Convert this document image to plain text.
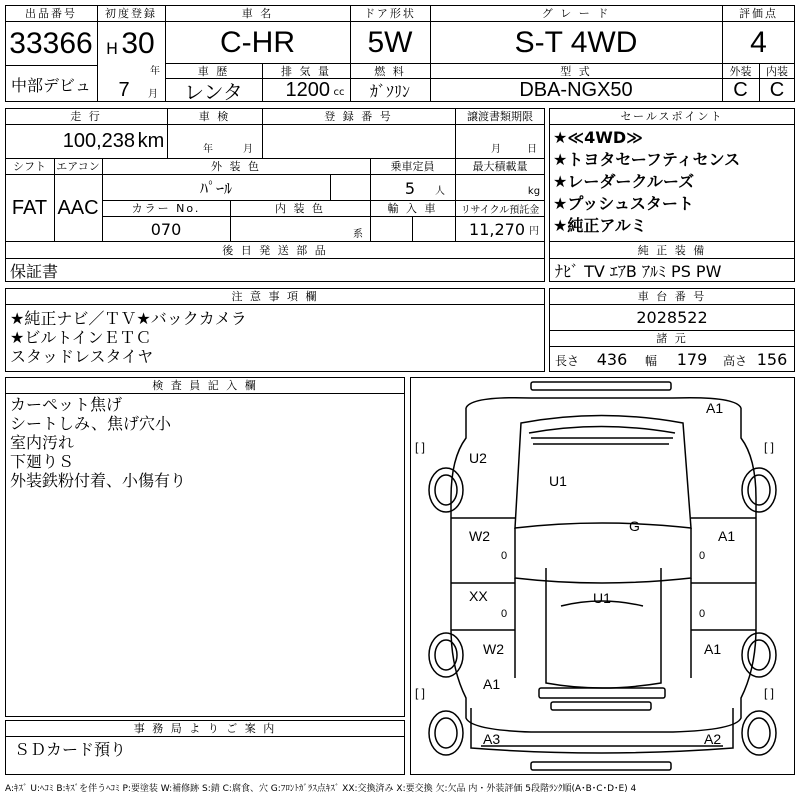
出品番号
33366
中部デビュ
初度登録
H 30
年
7	月
車 名
C-HR
ドア形状
5W
グ レ ー ド
S-T 4WD
評価点
4
車 歴
レンタ
排 気 量
1200 cc
燃 料
ｶﾞｿﾘﾝ
型 式
DBA-NGX50
外装
C
内装
C
走 行
100,238 km
車 検
年	月
登 録 番 号	譲渡書類期限
月	日
シフト
FAT
エアコン
AAC
外 装 色
ﾊﾟｰﾙ
乗車定員
5	人
最大積載量
kg
カラー No.
070
内 装 色
系
輸 入 車	リサイクル預託金
11,270 円
後 日 発 送 部 品
保証書
セールスポイント
★≪4WD≫
★トヨタセーフティセンス
★レーダークルーズ
★プッシュスタート
★純正アルミ
純 正 装 備
ﾅﾋﾞ TV ｴｱB ｱﾙﾐ PS PW
注 意 事 項 欄
★純正ナビ／ＴＶ★バックカメラ
★ビルトインＥＴＣ
スタッドレスタイヤ
車 台 番 号
2028522
諸 元
長さ 436	幅 179	高さ 156
検 査 員 記 入 欄
カーペット焦げ
シートしみ、焦げ穴小
室内汚れ
下廻りＳ
外装鉄粉付着、小傷有り
事 務 局 よ り ご 案 内
ＳＤカード預り
A1
U2
U1
G
W2	A1
XX	U1
W2	A1
A1
A3	A2
0	0
0	0
[ ]	[ ]
[ ]	[ ]
A:ｷｽﾞ U:ﾍｺﾐ B:ｷｽﾞを伴うﾍｺﾐ P:要塗装 W:補修跡 S:錆 C:腐食、穴 G:ﾌﾛﾝﾄｶﾞﾗｽ点ｷｽﾞ XX:交換済み X:要交換 欠:欠品 内・外装評価 5段階ﾗﾝｸ順(A･B･C･D･E) 4
